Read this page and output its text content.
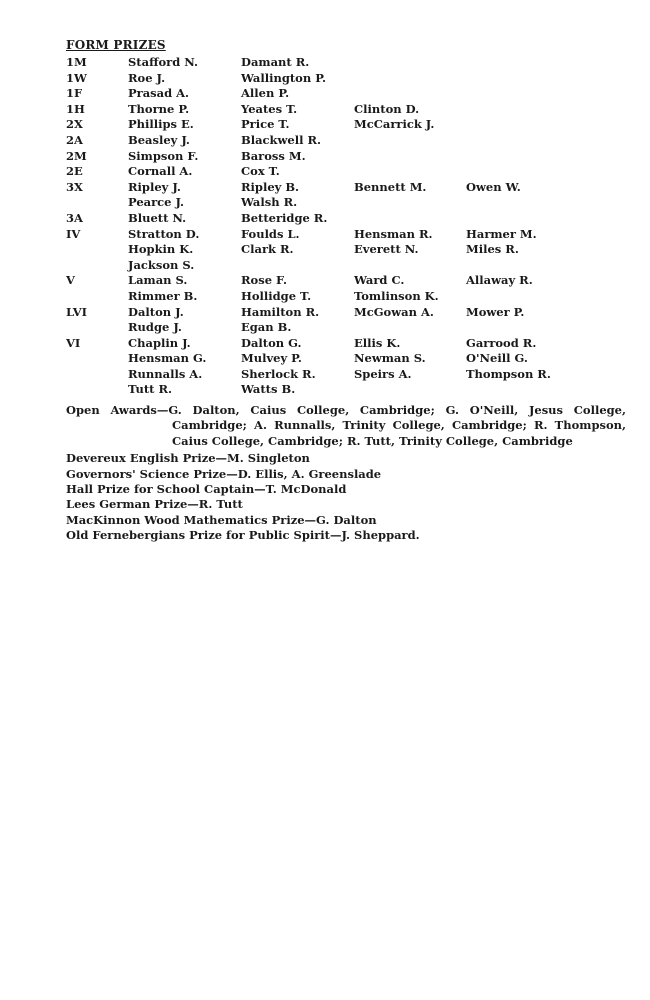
FORM PRIZES
1M	Stafford N.	Damant R.
1W	Roe J.	Wallington P.
1F	Prasad A.	Allen P.
1H	Thorne P.	Yeates T.	Clinton D.
2X	Phillips E.	Price T.	McCarrick J.
2A	Beasley J.	Blackwell R.
2M	Simpson F.	Baross M.
2E	Cornall A.	Cox T.
3X	Ripley J.	Ripley B.	Bennett M.	Owen W.
Pearce J.	Walsh R.
3A	Bluett N.	Betteridge R.
IV	Stratton D.	Foulds L.	Hensman R.	Harmer M.
Hopkin K.	Clark R.	Everett N.	Miles R.
Jackson S.
V	Laman S.	Rose F.	Ward C.	Allaway R.
Rimmer B.	Hollidge T.	Tomlinson K.
LVI	Dalton J.	Hamilton R.	McGowan A.	Mower P.
Rudge J.	Egan B.
VI	Chaplin J.	Dalton G.	Ellis K.	Garrood R.
Hensman G.	Mulvey P.	Newman S.	O'Neill G.
Runnalls A.	Sherlock R.	Speirs A.	Thompson R.
Tutt R.	Watts B.
Open Awards—G. Dalton, Caius College, Cambridge; G. O'Neill, Jesus College, Cambridge; A. Runnalls, Trinity College, Cambridge; R. Thompson, Caius College, Cambridge; R. Tutt, Trinity College, Cambridge
Devereux English Prize—M. Singleton
Governors' Science Prize—D. Ellis, A. Greenslade
Hall Prize for School Captain—T. McDonald
Lees German Prize—R. Tutt
MacKinnon Wood Mathematics Prize—G. Dalton
Old Fernebergians Prize for Public Spirit—J. Sheppard.
